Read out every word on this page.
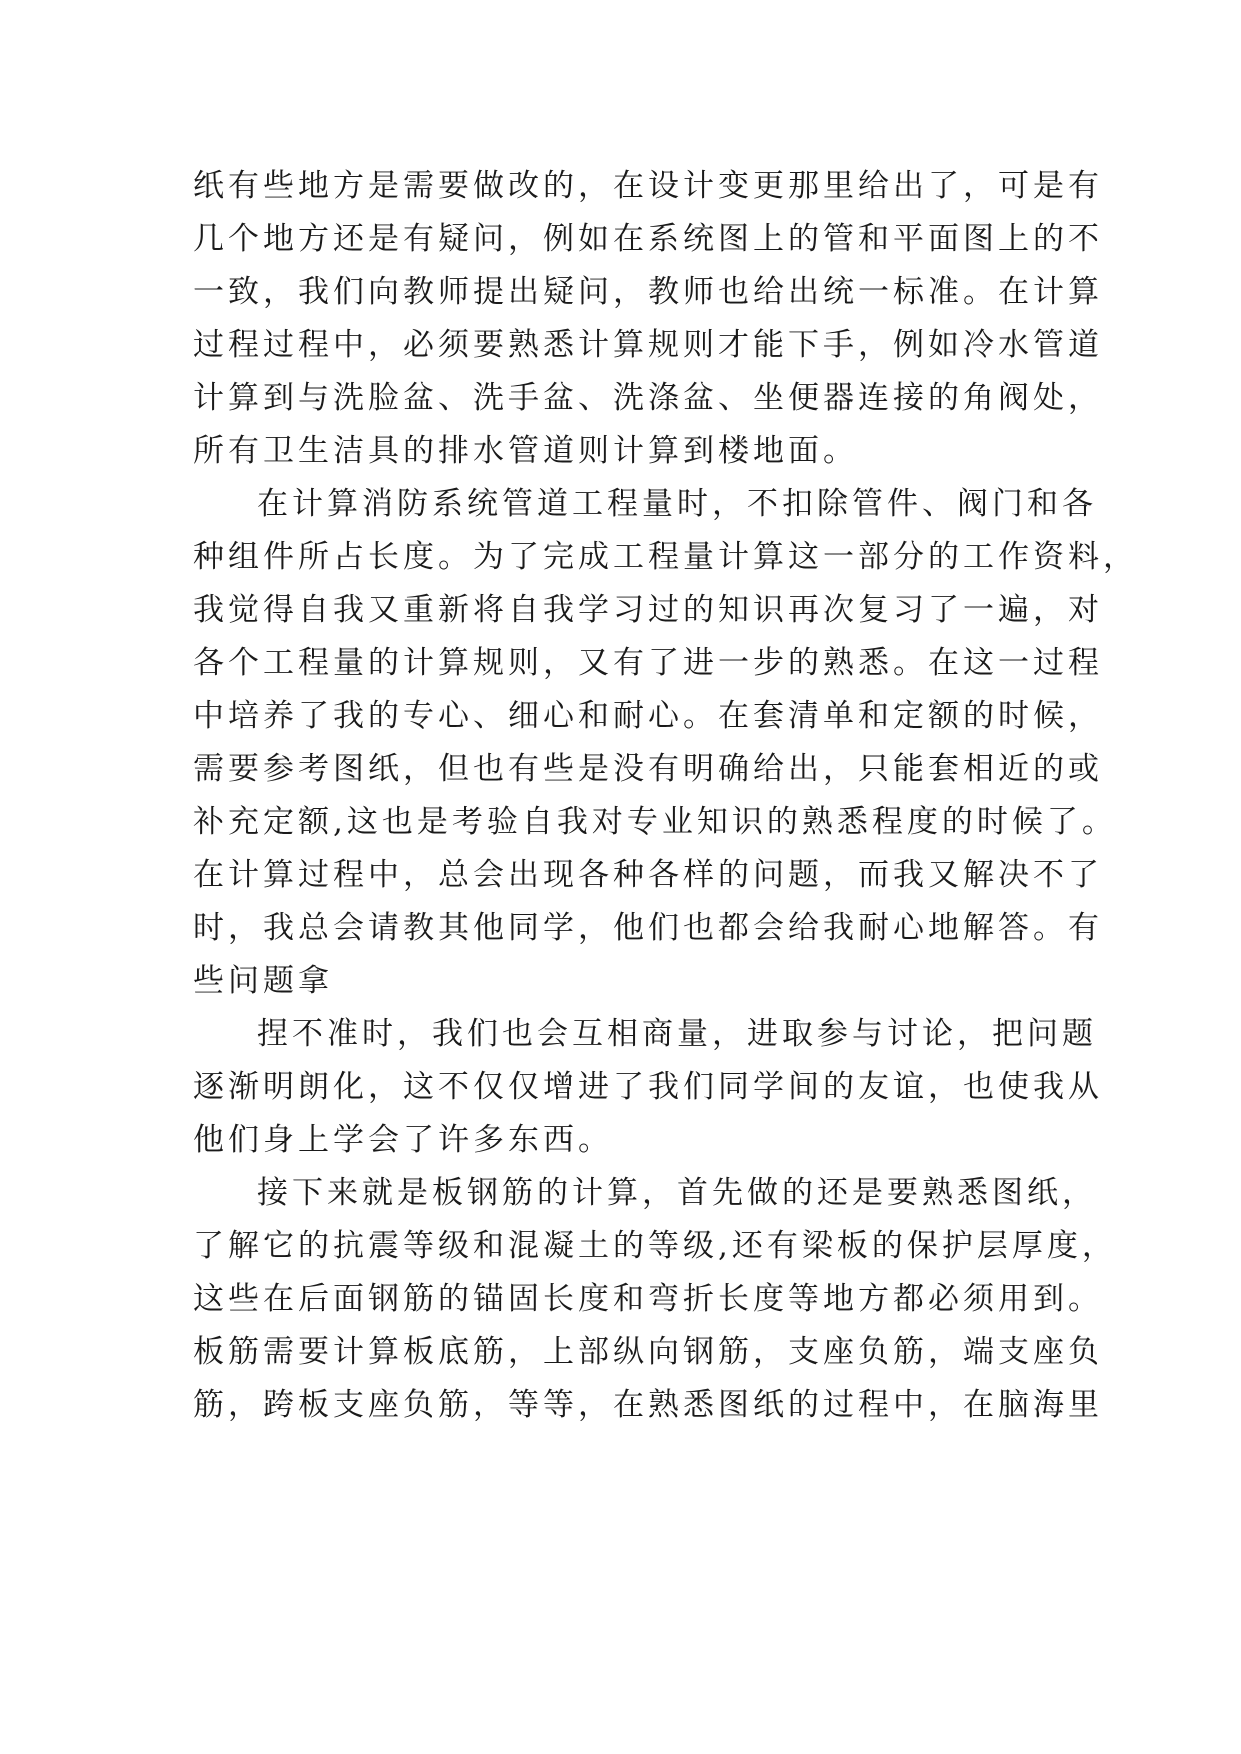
纸有些地方是需要做改的，在设计变更那里给出了，可是有
几个地方还是有疑问，例如在系统图上的管和平面图上的不
一致，我们向教师提出疑问，教师也给出统一标准。在计算
过程过程中，必须要熟悉计算规则才能下手，例如冷水管道
计算到与洗脸盆、洗手盆、洗涤盆、坐便器连接的角阀处，
所有卫生洁具的排水管道则计算到楼地面。
在计算消防系统管道工程量时，不扣除管件、阀门和各
种组件所占长度。为了完成工程量计算这一部分的工作资料，
我觉得自我又重新将自我学习过的知识再次复习了一遍，对
各个工程量的计算规则，又有了进一步的熟悉。在这一过程
中培养了我的专心、细心和耐心。在套清单和定额的时候，
需要参考图纸，但也有些是没有明确给出，只能套相近的或
补充定额,这也是考验自我对专业知识的熟悉程度的时候了。
在计算过程中，总会出现各种各样的问题，而我又解决不了
时，我总会请教其他同学，他们也都会给我耐心地解答。有
些问题拿
捏不准时，我们也会互相商量，进取参与讨论，把问题
逐渐明朗化，这不仅仅增进了我们同学间的友谊，也使我从
他们身上学会了许多东西。
接下来就是板钢筋的计算，首先做的还是要熟悉图纸，
了解它的抗震等级和混凝土的等级,还有梁板的保护层厚度，
这些在后面钢筋的锚固长度和弯折长度等地方都必须用到。
板筋需要计算板底筋，上部纵向钢筋，支座负筋，端支座负
筋，跨板支座负筋，等等，在熟悉图纸的过程中，在脑海里
